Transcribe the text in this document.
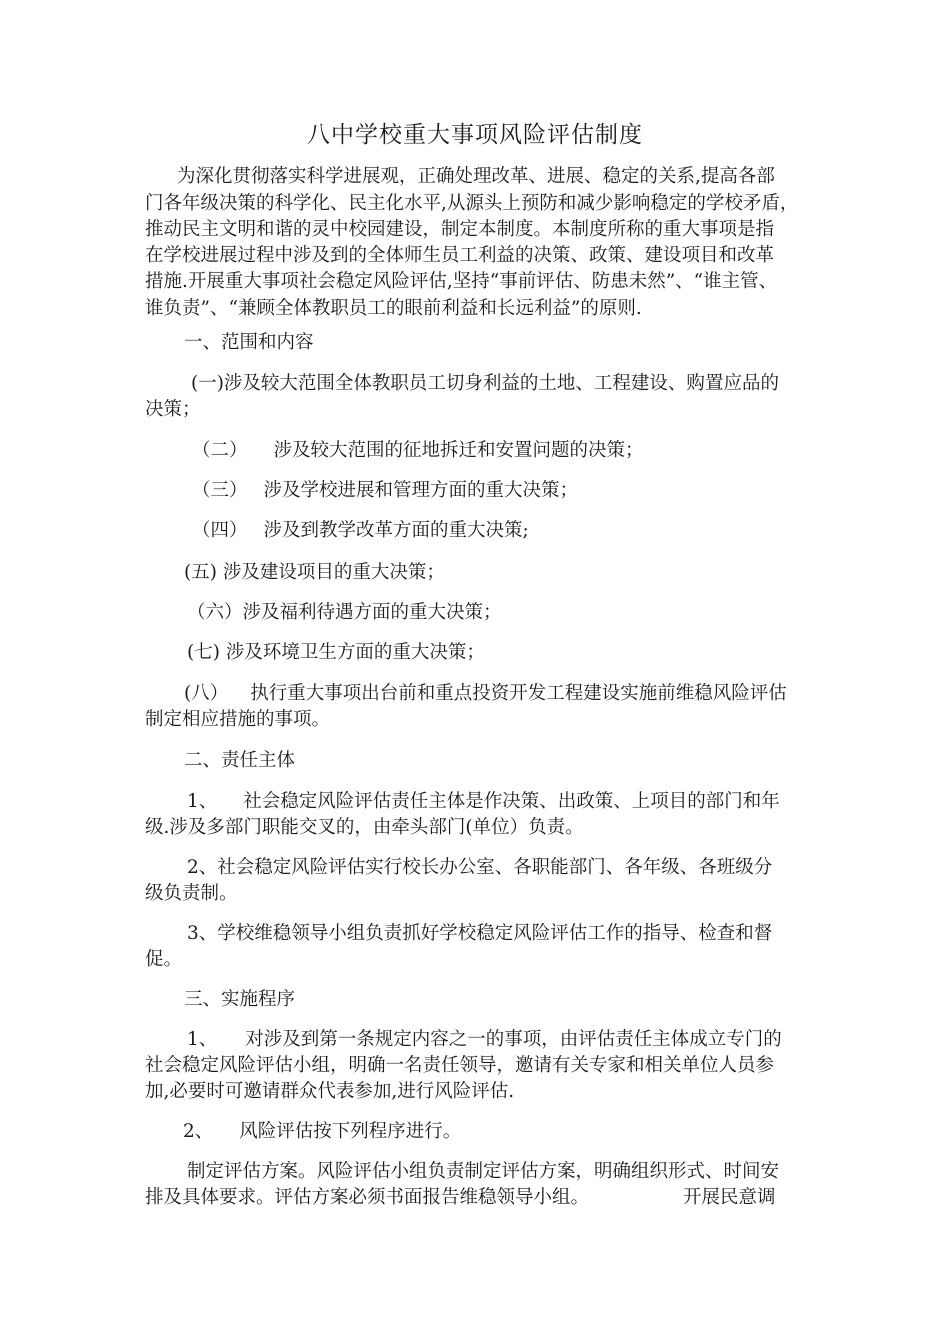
八中学校重大事项风险评估制度
为深化贯彻落实科学进展观，正确处理改革、进展、稳定的关系,提高各部
门各年级决策的科学化、民主化水平,从源头上预防和减少影响稳定的学校矛盾，
推动民主文明和谐的灵中校园建设，制定本制度。本制度所称的重大事项是指
在学校进展过程中涉及到的全体师生员工利益的决策、政策、建设项目和改革
措施.开展重大事项社会稳定风险评估,坚持“事前评估、防患未然”、“谁主管、
谁负责”、“兼顾全体教职员工的眼前利益和长远利益”的原则.
一、范围和内容
(一)涉及较大范围全体教职员工切身利益的土地、工程建设、购置应品的
决策；
（二） 涉及较大范围的征地拆迁和安置问题的决策；
（三） 涉及学校进展和管理方面的重大决策；
（四） 涉及到教学改革方面的重大决策;
(五) 涉及建设项目的重大决策；
（六）涉及福利待遇方面的重大决策；
(七) 涉及环境卫生方面的重大决策；
(八） 执行重大事项出台前和重点投资开发工程建设实施前维稳风险评估
制定相应措施的事项。
二、责任主体
1、 社会稳定风险评估责任主体是作决策、出政策、上项目的部门和年
级.涉及多部门职能交叉的，由牵头部门(单位）负责。
2、社会稳定风险评估实行校长办公室、各职能部门、各年级、各班级分
级负责制。
3、学校维稳领导小组负责抓好学校稳定风险评估工作的指导、检查和督
促。
三、实施程序
1、 对涉及到第一条规定内容之一的事项，由评估责任主体成立专门的
社会稳定风险评估小组，明确一名责任领导，邀请有关专家和相关单位人员参
加,必要时可邀请群众代表参加,进行风险评估.
2、 风险评估按下列程序进行。
制定评估方案。风险评估小组负责制定评估方案，明确组织形式、时间安
排及具体要求。评估方案必须书面报告维稳领导小组。	开展民意调
